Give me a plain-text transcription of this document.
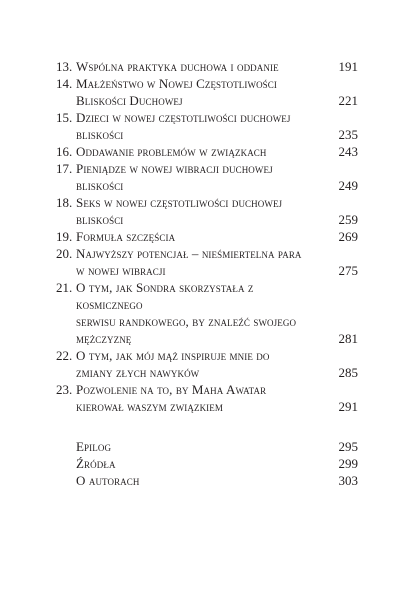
13. Wspólna praktyka duchowa i oddanie	191
14. Małżeństwo w Nowej Częstotliwości
Bliskości Duchowej	221
15. Dzieci w nowej częstotliwości duchowej
bliskości	235
16. Oddawanie problemów w związkach	243
17. Pieniądze w nowej wibracji duchowej
bliskości	249
18. Seks w nowej częstotliwości duchowej
bliskości	259
19. Formuła szczęścia	269
20. Najwyższy potencjał – nieśmiertelna para
w nowej wibracji	275
21. O tym, jak Sondra skorzystała z kosmicznego
serwisu randkowego, by znaleźć swojego
mężczyznę	281
22. O tym, jak mój mąż inspiruje mnie do
zmiany złych nawyków	285
23. Pozwolenie na to, by Maha Awatar
kierował waszym związkiem	291
Epilog	295
Źródła	299
O autorach	303
